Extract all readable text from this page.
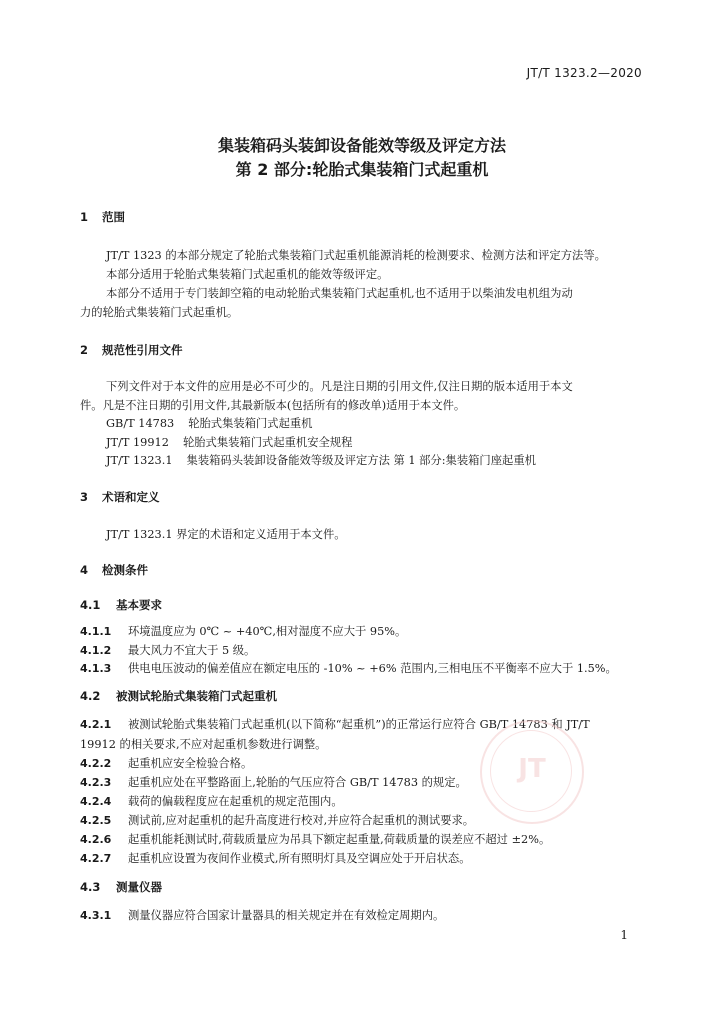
JT/T 1323.2—2020
集装箱码头装卸设备能效等级及评定方法
第 2 部分:轮胎式集装箱门式起重机
1 范围
JT/T 1323 的本部分规定了轮胎式集装箱门式起重机能源消耗的检测要求、检测方法和评定方法等。
本部分适用于轮胎式集装箱门式起重机的能效等级评定。
本部分不适用于专门装卸空箱的电动轮胎式集装箱门式起重机,也不适用于以柴油发电机组为动
力的轮胎式集装箱门式起重机。
2 规范性引用文件
下列文件对于本文件的应用是必不可少的。凡是注日期的引用文件,仅注日期的版本适用于本文
件。凡是不注日期的引用文件,其最新版本(包括所有的修改单)适用于本文件。
GB/T 14783 轮胎式集装箱门式起重机
JT/T 19912 轮胎式集装箱门式起重机安全规程
JT/T 1323.1 集装箱码头装卸设备能效等级及评定方法 第 1 部分:集装箱门座起重机
3 术语和定义
JT/T 1323.1 界定的术语和定义适用于本文件。
4 检测条件
4.1 基本要求
4.1.1 环境温度应为 0℃ ~ +40℃,相对湿度不应大于 95%。
4.1.2 最大风力不宜大于 5 级。
4.1.3 供电电压波动的偏差值应在额定电压的 -10% ~ +6% 范围内,三相电压不平衡率不应大于 1.5%。
4.2 被测试轮胎式集装箱门式起重机
4.2.1 被测试轮胎式集装箱门式起重机(以下简称“起重机”)的正常运行应符合 GB/T 14783 和 JT/T
19912 的相关要求,不应对起重机参数进行调整。
4.2.2 起重机应安全检验合格。
4.2.3 起重机应处在平整路面上,轮胎的气压应符合 GB/T 14783 的规定。
4.2.4 载荷的偏载程度应在起重机的规定范围内。
4.2.5 测试前,应对起重机的起升高度进行校对,并应符合起重机的测试要求。
4.2.6 起重机能耗测试时,荷载质量应为吊具下额定起重量,荷载质量的误差应不超过 ±2%。
4.2.7 起重机应设置为夜间作业模式,所有照明灯具及空调应处于开启状态。
4.3 测量仪器
4.3.1 测量仪器应符合国家计量器具的相关规定并在有效检定周期内。
JT
1
